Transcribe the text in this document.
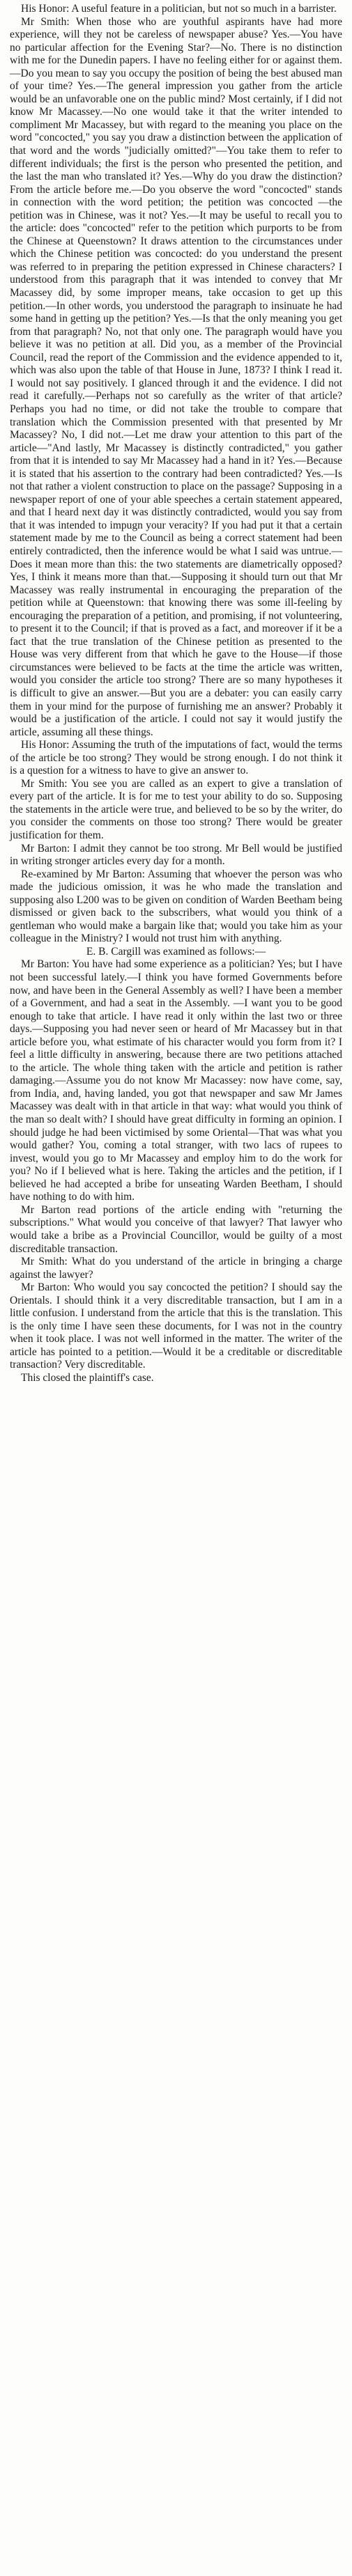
His Honor: A useful feature in a politician, but not so much in a barrister.

Mr Smith: When those who are youthful aspirants have had more experience, will they not be careless of newspaper abuse? Yes.—You have no particular affection for the Evening Star?—No. There is no distinction with me for the Dunedin papers. I have no feeling either for or against them.—Do you mean to say you occupy the position of being the best abused man of your time? Yes.—The general impression you gather from the article would be an unfavorable one on the public mind? Most certainly, if I did not know Mr Macassey.—No one would take it that the writer intended to compliment Mr Macassey, but with regard to the meaning you place on the word "concocted," you say you draw a distinction between the application of that word and the words "judicially omitted?"—You take them to refer to different individuals; the first is the person who presented the petition, and the last the man who translated it? Yes.—Why do you draw the distinction? From the article before me.—Do you observe the word "concocted" stands in connection with the word petition; the petition was concocted —the petition was in Chinese, was it not? Yes.—It may be useful to recall you to the article: does "concocted" refer to the petition which purports to be from the Chinese at Queenstown? It draws attention to the circumstances under which the Chinese petition was concocted: do you understand the present was referred to in preparing the petition expressed in Chinese characters? I understood from this paragraph that it was intended to convey that Mr Macassey did, by some improper means, take occasion to get up this petition.—In other words, you understood the paragraph to insinuate he had some hand in getting up the petition? Yes.—Is that the only meaning you get from that paragraph? No, not that only one. The paragraph would have you believe it was no petition at all. Did you, as a member of the Provincial Council, read the report of the Commission and the evidence appended to it, which was also upon the table of that House in June, 1873? I think I read it. I would not say positively. I glanced through it and the evidence. I did not read it carefully.—Perhaps not so carefully as the writer of that article? Perhaps you had no time, or did not take the trouble to compare that translation which the Commission presented with that presented by Mr Macassey? No, I did not.—Let me draw your attention to this part of the article—"And lastly, Mr Macassey is distinctly contradicted," you gather from that it is intended to say Mr Macassey had a hand in it? Yes.—Because it is stated that his assertion to the contrary had been contradicted? Yes.—Is not that rather a violent construction to place on the passage? Supposing in a newspaper report of one of your able speeches a certain statement appeared, and that I heard next day it was distinctly contradicted, would you say from that it was intended to impugn your veracity? If you had put it that a certain statement made by me to the Council as being a correct statement had been entirely contradicted, then the inference would be what I said was untrue.—Does it mean more than this: the two statements are diametrically opposed? Yes, I think it means more than that.—Supposing it should turn out that Mr Macassey was really instrumental in encouraging the preparation of the petition while at Queenstown: that knowing there was some ill-feeling by encouraging the preparation of a petition, and promising, if not volunteering, to present it to the Council; if that is proved as a fact, and moreover if it be a fact that the true translation of the Chinese petition as presented to the House was very different from that which he gave to the House—if those circumstances were believed to be facts at the time the article was written, would you consider the article too strong? There are so many hypotheses it is difficult to give an answer.—But you are a debater: you can easily carry them in your mind for the purpose of furnishing me an answer? Probably it would be a justification of the article. I could not say it would justify the article, assuming all these things.

His Honor: Assuming the truth of the imputations of fact, would the terms of the article be too strong? They would be strong enough. I do not think it is a question for a witness to have to give an answer to.

Mr Smith: You see you are called as an expert to give a translation of every part of the article. It is for me to test your ability to do so. Supposing the statements in the article were true, and believed to be so by the writer, do you consider the comments on those too strong? There would be greater justification for them.

Mr Barton: I admit they cannot be too strong. Mr Bell would be justified in writing stronger articles every day for a month.

Re-examined by Mr Barton: Assuming that whoever the person was who made the judicious omission, it was he who made the translation and supposing also L200 was to be given on condition of Warden Beetham being dismissed or given back to the subscribers, what would you think of a gentleman who would make a bargain like that; would you take him as your colleague in the Ministry? I would not trust him with anything.

E. B. Cargill was examined as follows:—

Mr Barton: You have had some experience as a politician? Yes; but I have not been successful lately.—I think you have formed Governments before now, and have been in the General Assembly as well? I have been a member of a Government, and had a seat in the Assembly. —I want you to be good enough to take that article. I have read it only within the last two or three days.—Supposing you had never seen or heard of Mr Macassey but in that article before you, what estimate of his character would you form from it? I feel a little difficulty in answering, because there are two petitions attached to the article. The whole thing taken with the article and petition is rather damaging.—Assume you do not know Mr Macassey: now have come, say, from India, and, having landed, you got that newspaper and saw Mr James Macassey was dealt with in that article in that way: what would you think of the man so dealt with? I should have great difficulty in forming an opinion. I should judge he had been victimised by some Oriental—That was what you would gather? You, coming a total stranger, with two lacs of rupees to invest, would you go to Mr Macassey and employ him to do the work for you? No if I believed what is here. Taking the articles and the petition, if I believed he had accepted a bribe for unseating Warden Beetham, I should have nothing to do with him.

Mr Barton read portions of the article ending with "returning the subscriptions." What would you conceive of that lawyer? That lawyer who would take a bribe as a Provincial Councillor, would be guilty of a most discreditable transaction.

Mr Smith: What do you understand of the article in bringing a charge against the lawyer?

Mr Barton: Who would you say concocted the petition? I should say the Orientals. I should think it a very discreditable transaction, but I am in a little confusion. I understand from the article that this is the translation. This is the only time I have seen these documents, for I was not in the country when it took place. I was not well informed in the matter. The writer of the article has pointed to a petition.—Would it be a creditable or discreditable transaction? Very discreditable.

This closed the plaintiff's case.
